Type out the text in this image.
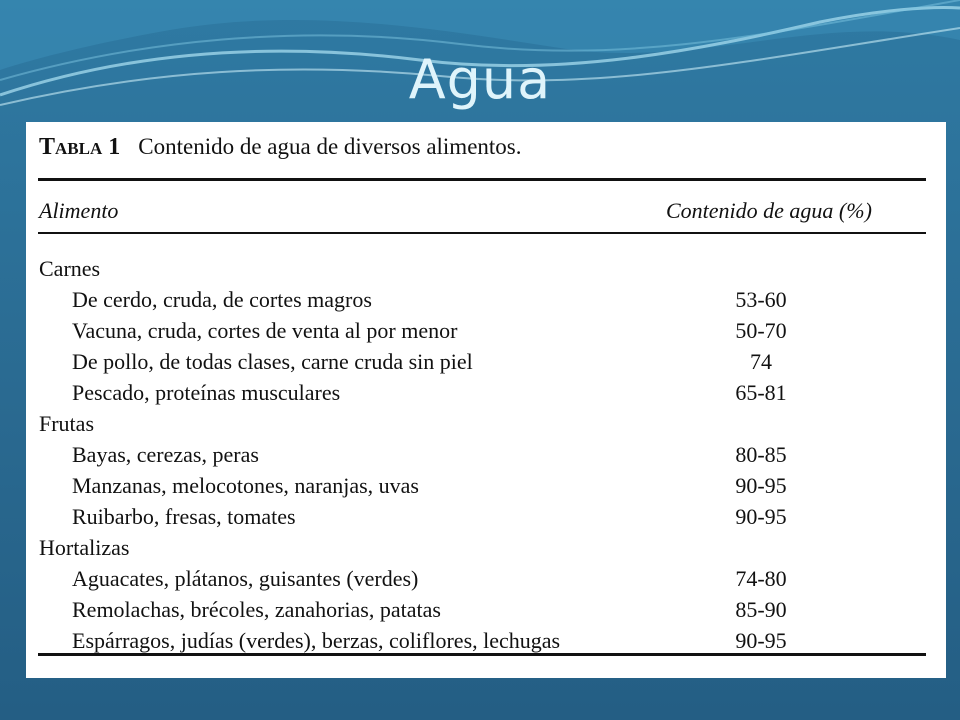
Agua
Tabla 1 Contenido de agua de diversos alimentos.
Alimento	Contenido de agua (%)
Carnes
De cerdo, cruda, de cortes magros	53-60
Vacuna, cruda, cortes de venta al por menor	50-70
De pollo, de todas clases, carne cruda sin piel	74
Pescado, proteínas musculares	65-81
Frutas
Bayas, cerezas, peras	80-85
Manzanas, melocotones, naranjas, uvas	90-95
Ruibarbo, fresas, tomates	90-95
Hortalizas
Aguacates, plátanos, guisantes (verdes)	74-80
Remolachas, brécoles, zanahorias, patatas	85-90
Espárragos, judías (verdes), berzas, coliflores, lechugas	90-95
